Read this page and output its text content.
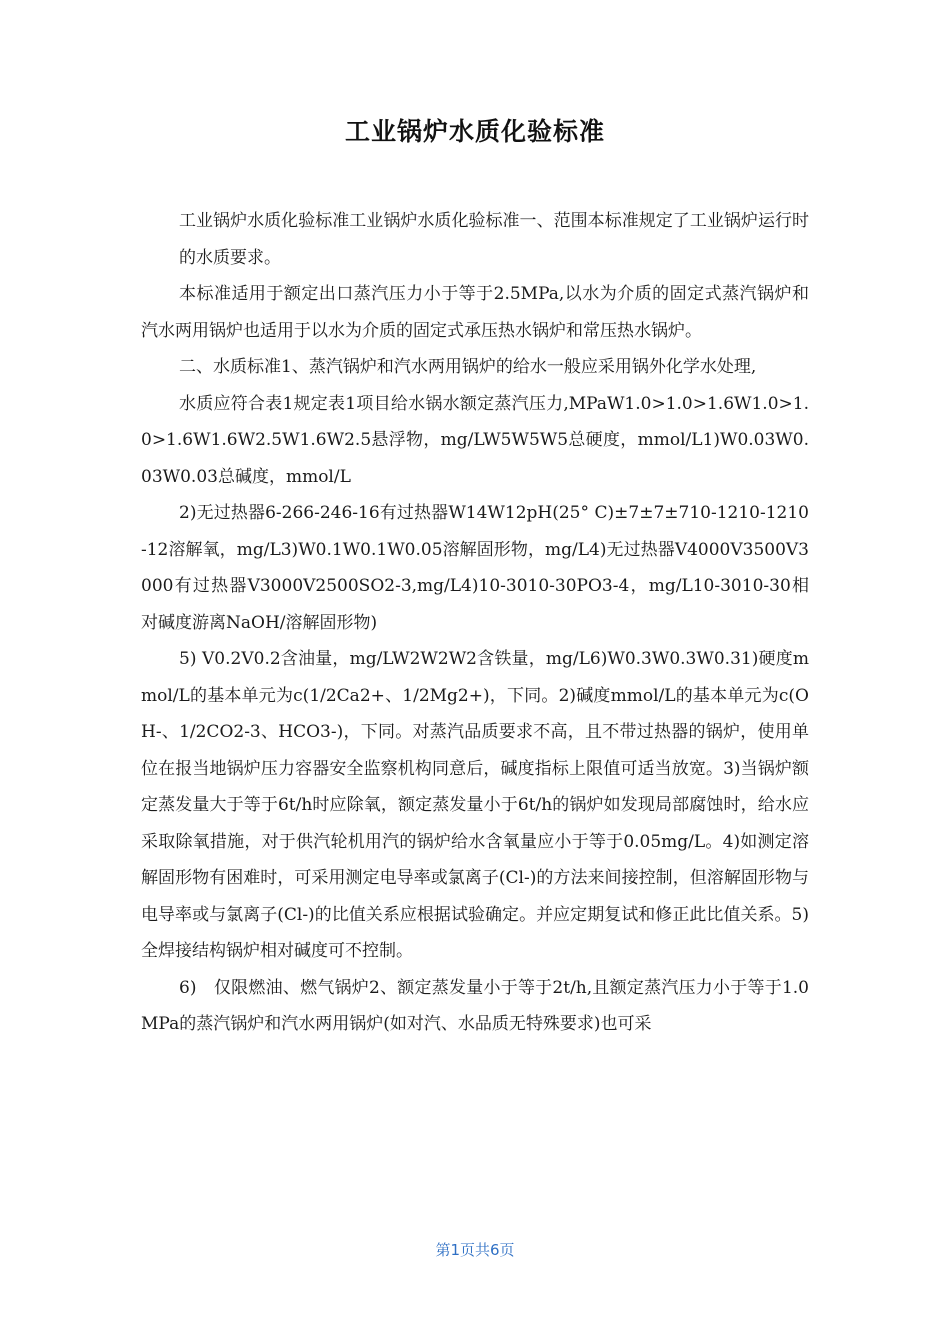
工业锅炉水质化验标准

工业锅炉水质化验标准工业锅炉水质化验标准一、范围本标准规定了工业锅炉运行时的水质要求。

本标准适用于额定出口蒸汽压力小于等于2.5MPa,以水为介质的固定式蒸汽锅炉和汽水两用锅炉也适用于以水为介质的固定式承压热水锅炉和常压热水锅炉。

二、水质标准1、蒸汽锅炉和汽水两用锅炉的给水一般应采用锅外化学水处理,

水质应符合表1规定表1项目给水锅水额定蒸汽压力,MPaW1.0>1.0>1.6W1.0>1.0>1.6W1.6W2.5W1.6W2.5悬浮物，mg/LW5W5W5总硬度，mmol/L1)W0.03W0.03W0.03总碱度，mmol/L

2)无过热器6-266-246-16有过热器W14W12pH(25° C)±7±7±710-1210-1210-12溶解氧，mg/L3)W0.1W0.1W0.05溶解固形物，mg/L4)无过热器V4000V3500V3000有过热器V3000V2500SO2-3,mg/L4)10-3010-30PO3-4，mg/L10-3010-30相对碱度游离NaOH/溶解固形物)

5) V0.2V0.2含油量，mg/LW2W2W2含铁量，mg/L6)W0.3W0.3W0.31)硬度mmol/L的基本单元为c(1/2Ca2+、1/2Mg2+)，下同。2)碱度mmol/L的基本单元为c(OH-、1/2CO2-3、HCO3-)，下同。对蒸汽品质要求不高，且不带过热器的锅炉，使用单位在报当地锅炉压力容器安全监察机构同意后，碱度指标上限值可适当放宽。3)当锅炉额定蒸发量大于等于6t/h时应除氧，额定蒸发量小于6t/h的锅炉如发现局部腐蚀时，给水应采取除氧措施，对于供汽轮机用汽的锅炉给水含氧量应小于等于0.05mg/L。4)如测定溶解固形物有困难时，可采用测定电导率或氯离子(Cl-)的方法来间接控制，但溶解固形物与电导率或与氯离子(Cl-)的比值关系应根据试验确定。并应定期复试和修正此比值关系。5)全焊接结构锅炉相对碱度可不控制。

6)　仅限燃油、燃气锅炉2、额定蒸发量小于等于2t/h,且额定蒸汽压力小于等于1.0MPa的蒸汽锅炉和汽水两用锅炉(如对汽、水品质无特殊要求)也可采

第1页共6页
